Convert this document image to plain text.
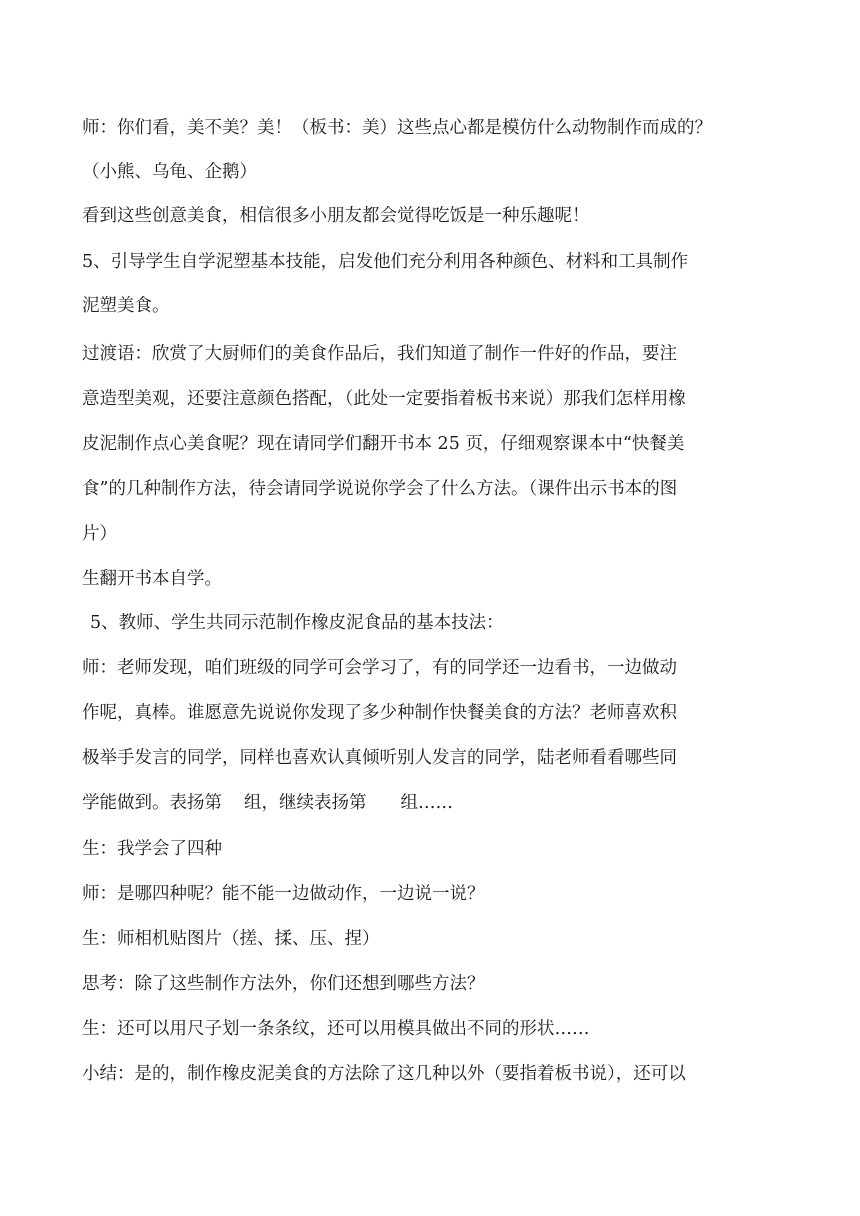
师：你们看，美不美？美！（板书：美）这些点心都是模仿什么动物制作而成的？
（小熊、乌龟、企鹅）
看到这些创意美食，相信很多小朋友都会觉得吃饭是一种乐趣呢！
5、引导学生自学泥塑基本技能，启发他们充分利用各种颜色、材料和工具制作
泥塑美食。
过渡语：欣赏了大厨师们的美食作品后，我们知道了制作一件好的作品，要注
意造型美观，还要注意颜色搭配，（此处一定要指着板书来说）那我们怎样用橡
皮泥制作点心美食呢？现在请同学们翻开书本 25 页，仔细观察课本中“快餐美
食”的几种制作方法，待会请同学说说你学会了什么方法。（课件出示书本的图
片）
生翻开书本自学。
5、教师、学生共同示范制作橡皮泥食品的基本技法：
师：老师发现，咱们班级的同学可会学习了，有的同学还一边看书，一边做动
作呢，真棒。谁愿意先说说你发现了多少种制作快餐美食的方法？老师喜欢积
极举手发言的同学，同样也喜欢认真倾听别人发言的同学，陆老师看看哪些同
学能做到。表扬第 组，继续表扬第 组……
生：我学会了四种
师：是哪四种呢？能不能一边做动作，一边说一说？
生：师相机贴图片（搓、揉、压、捏）
思考：除了这些制作方法外，你们还想到哪些方法？
生：还可以用尺子划一条条纹，还可以用模具做出不同的形状……
小结：是的，制作橡皮泥美食的方法除了这几种以外（要指着板书说），还可以
